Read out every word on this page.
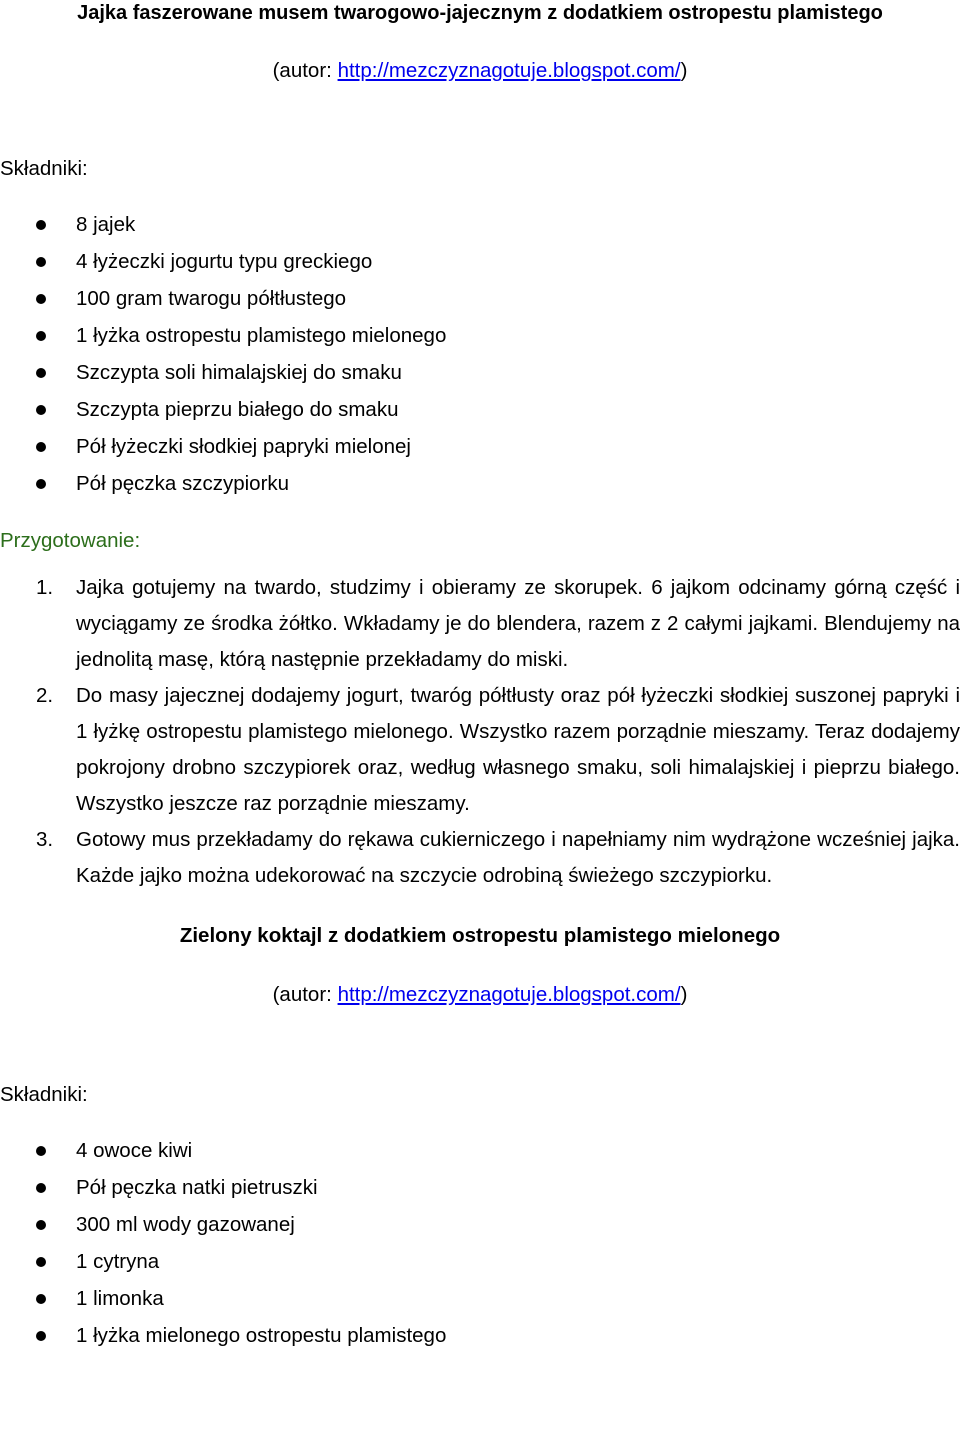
Jajka faszerowane musem twarogowo-jajecznym z dodatkiem ostropestu plamistego
(autor: http://mezczyznagotuje.blogspot.com/)
Składniki:
8 jajek
4 łyżeczki jogurtu typu greckiego
100 gram twarogu półtłustego
1 łyżka ostropestu plamistego mielonego
Szczypta soli himalajskiej do smaku
Szczypta pieprzu białego do smaku
Pół łyżeczki słodkiej papryki mielonej
Pół pęczka szczypiorku
Przygotowanie:
1. Jajka gotujemy na twardo, studzimy i obieramy ze skorupek. 6 jajkom odcinamy górną część i wyciągamy ze środka żółtko. Wkładamy je do blendera, razem z 2 całymi jajkami. Blendujemy na jednolitą masę, którą następnie przekładamy do miski.
2. Do masy jajecznej dodajemy jogurt, twaróg półtłusty oraz pół łyżeczki słodkiej suszonej papryki i 1 łyżkę ostropestu plamistego mielonego. Wszystko razem porządnie mieszamy. Teraz dodajemy pokrojony drobno szczypiorek oraz, według własnego smaku, soli himalajskiej i pieprzu białego. Wszystko jeszcze raz porządnie mieszamy.
3. Gotowy mus przekładamy do rękawa cukierniczego i napełniamy nim wydrążone wcześniej jajka. Każde jajko można udekorować na szczycie odrobiną świeżego szczypiorku.
Zielony koktajl z dodatkiem ostropestu plamistego mielonego
(autor: http://mezczyznagotuje.blogspot.com/)
Składniki:
4 owoce kiwi
Pół pęczka natki pietruszki
300 ml wody gazowanej
1 cytryna
1 limonka
1 łyżka mielonego ostropestu plamistego
